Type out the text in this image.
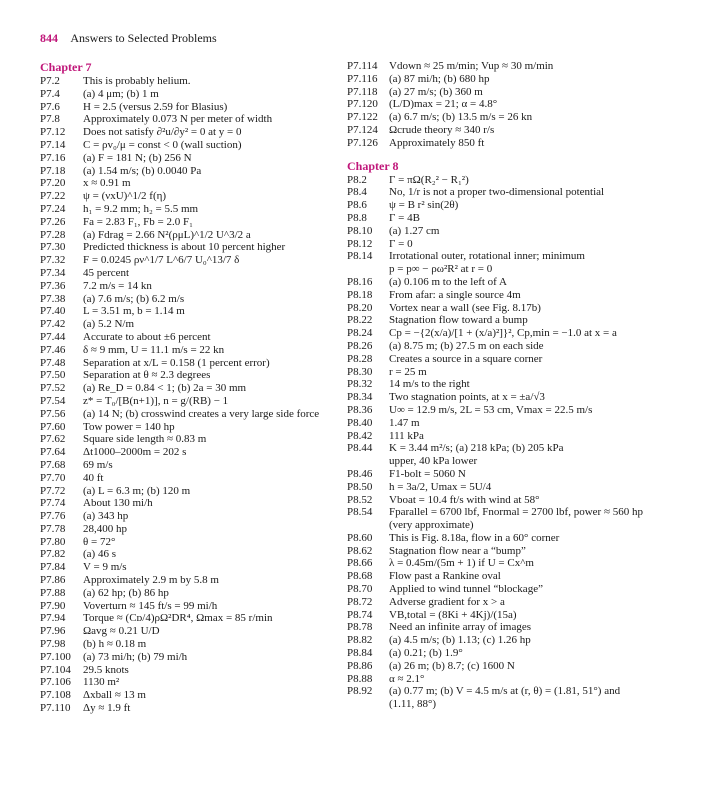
844 Answers to Selected Problems
Chapter 7
P7.2	This is probably helium.
P7.4	(a) 4 μm; (b) 1 m
P7.6	H = 2.5 (versus 2.59 for Blasius)
P7.8	Approximately 0.073 N per meter of width
P7.12	Does not satisfy ∂²u/∂y² = 0 at y = 0
P7.14	C = ρv₀/μ = const < 0 (wall suction)
P7.16	(a) F = 181 N; (b) 256 N
P7.18	(a) 1.54 m/s; (b) 0.0040 Pa
P7.20	x ≈ 0.91 m
P7.22	ψ = (νxU)^1/2 f(η)
P7.24	h₁ = 9.2 mm; h₂ = 5.5 mm
P7.26	Fa = 2.83 F₁, Fb = 2.0 F₁
P7.28	(a) Fdrag = 2.66 N²(ρμL)^1/2 U^3/2 a
P7.30	Predicted thickness is about 10 percent higher
P7.32	F = 0.0245 ρν^1/7 L^6/7 U₀^13/7 δ
P7.34	45 percent
P7.36	7.2 m/s = 14 kn
P7.38	(a) 7.6 m/s; (b) 6.2 m/s
P7.40	L = 3.51 m, b = 1.14 m
P7.42	(a) 5.2 N/m
P7.44	Accurate to about ±6 percent
P7.46	δ ≈ 9 mm, U = 11.1 m/s = 22 kn
P7.48	Separation at x/L = 0.158 (1 percent error)
P7.50	Separation at θ ≈ 2.3 degrees
P7.52	(a) Re_D = 0.84 < 1; (b) 2a = 30 mm
P7.54	z* = T₀/[B(n+1)], n = g/(RB) − 1
P7.56	(a) 14 N; (b) crosswind creates a very large side force
P7.60	Tow power = 140 hp
P7.62	Square side length ≈ 0.83 m
P7.64	Δt1000–2000m = 202 s
P7.68	69 m/s
P7.70	40 ft
P7.72	(a) L = 6.3 m; (b) 120 m
P7.74	About 130 mi/h
P7.76	(a) 343 hp
P7.78	28,400 hp
P7.80	θ = 72°
P7.82	(a) 46 s
P7.84	V = 9 m/s
P7.86	Approximately 2.9 m by 5.8 m
P7.88	(a) 62 hp; (b) 86 hp
P7.90	Voverturn ≈ 145 ft/s = 99 mi/h
P7.94	Torque ≈ (Cᴅ/4)ρΩ²DR⁴, Ωmax = 85 r/min
P7.96	Ωavg ≈ 0.21 U/D
P7.98	(b) h ≈ 0.18 m
P7.100	(a) 73 mi/h; (b) 79 mi/h
P7.104	29.5 knots
P7.106	1130 m²
P7.108	Δxball ≈ 13 m
P7.110	Δy ≈ 1.9 ft
P7.114	Vdown ≈ 25 m/min; Vup ≈ 30 m/min
P7.116	(a) 87 mi/h; (b) 680 hp
P7.118	(a) 27 m/s; (b) 360 m
P7.120	(L/D)max = 21; α = 4.8°
P7.122	(a) 6.7 m/s; (b) 13.5 m/s = 26 kn
P7.124	Ωcrude theory ≈ 340 r/s
P7.126	Approximately 850 ft
Chapter 8
P8.2	Γ = πΩ(R₂² − R₁²)
P8.4	No, 1/r is not a proper two-dimensional potential
P8.6	ψ = B r² sin(2θ)
P8.8	Γ = 4B
P8.10	(a) 1.27 cm
P8.12	Γ = 0
P8.14	Irrotational outer, rotational inner; minimum
p = p∞ − ρω²R² at r = 0
P8.16	(a) 0.106 m to the left of A
P8.18	From afar: a single source 4m
P8.20	Vortex near a wall (see Fig. 8.17b)
P8.22	Stagnation flow toward a bump
P8.24	Cp = −{2(x/a)/[1 + (x/a)²]}², Cp,min = −1.0 at x = a
P8.26	(a) 8.75 m; (b) 27.5 m on each side
P8.28	Creates a source in a square corner
P8.30	r = 25 m
P8.32	14 m/s to the right
P8.34	Two stagnation points, at x = ±a/√3
P8.36	U∞ = 12.9 m/s, 2L = 53 cm, Vmax = 22.5 m/s
P8.40	1.47 m
P8.42	111 kPa
P8.44	K = 3.44 m²/s; (a) 218 kPa; (b) 205 kPa
upper, 40 kPa lower
P8.46	F1-bolt = 5060 N
P8.50	h = 3a/2, Umax = 5U/4
P8.52	Vboat = 10.4 ft/s with wind at 58°
P8.54	Fparallel = 6700 lbf, Fnormal = 2700 lbf, power ≈ 560 hp
(very approximate)
P8.60	This is Fig. 8.18a, flow in a 60° corner
P8.62	Stagnation flow near a “bump”
P8.66	λ = 0.45m/(5m + 1) if U = Cx^m
P8.68	Flow past a Rankine oval
P8.70	Applied to wind tunnel “blockage”
P8.72	Adverse gradient for x > a
P8.74	VB,total = (8Ki + 4Kj)/(15a)
P8.78	Need an infinite array of images
P8.82	(a) 4.5 m/s; (b) 1.13; (c) 1.26 hp
P8.84	(a) 0.21; (b) 1.9°
P8.86	(a) 26 m; (b) 8.7; (c) 1600 N
P8.88	α ≈ 2.1°
P8.92	(a) 0.77 m; (b) V = 4.5 m/s at (r, θ) = (1.81, 51°) and
(1.11, 88°)
